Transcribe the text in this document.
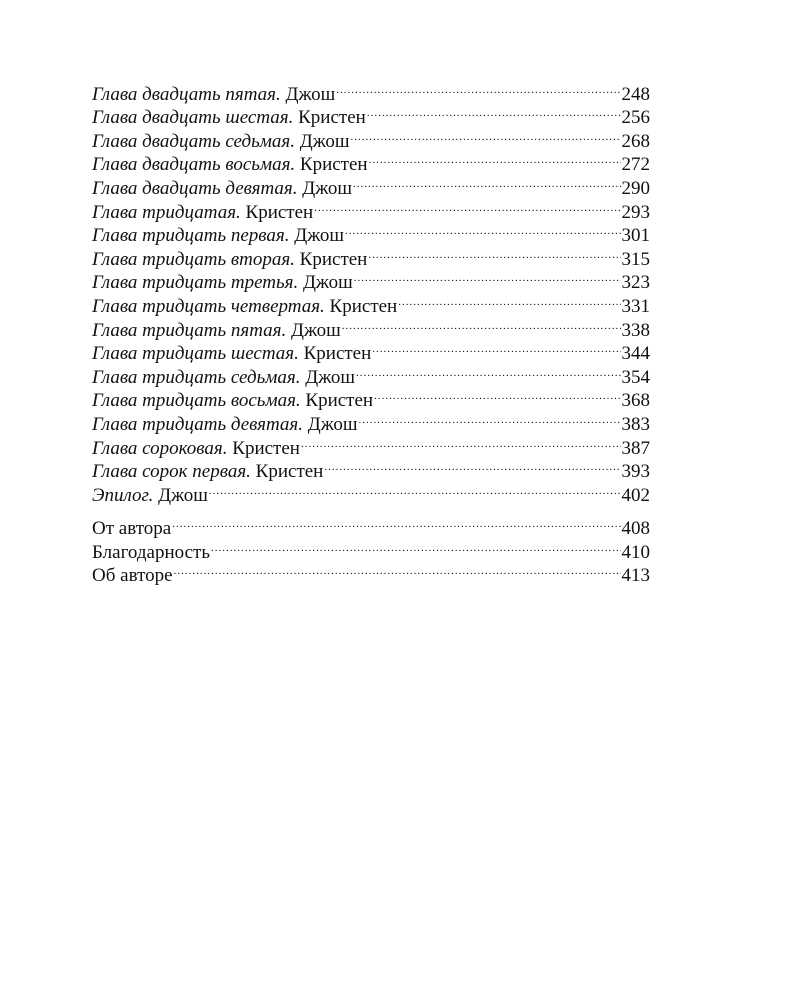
Глава двадцать пятая. Джош .....	248
Глава двадцать шестая. Кристен .....	256
Глава двадцать седьмая. Джош .....	268
Глава двадцать восьмая. Кристен .....	272
Глава двадцать девятая. Джош .....	290
Глава тридцатая. Кристен .....	293
Глава тридцать первая. Джош .....	301
Глава тридцать вторая. Кристен .....	315
Глава тридцать третья. Джош .....	323
Глава тридцать четвертая. Кристен .....	331
Глава тридцать пятая. Джош .....	338
Глава тридцать шестая. Кристен .....	344
Глава тридцать седьмая. Джош .....	354
Глава тридцать восьмая. Кристен .....	368
Глава тридцать девятая. Джош .....	383
Глава сороковая. Кристен .....	387
Глава сорок первая. Кристен .....	393
Эпилог. Джош .....	402
От автора .....	408
Благодарность .....	410
Об авторе .....	413
